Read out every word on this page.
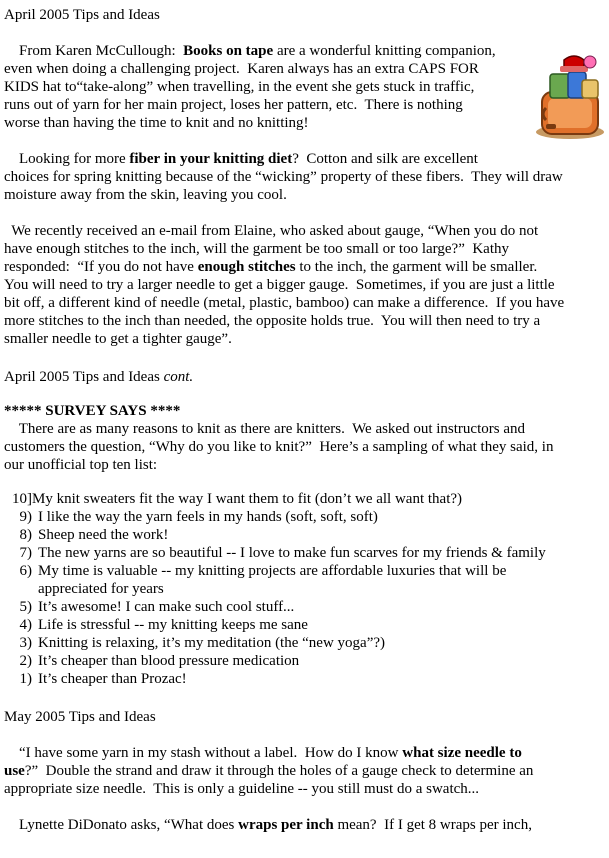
April 2005 Tips and Ideas

From Karen McCullough:  Books on tape are a wonderful knitting companion,
even when doing a challenging project.  Karen always has an extra CAPS FOR
KIDS hat to“take-along” when travelling, in the event she gets stuck in traffic,
runs out of yarn for her main project, loses her pattern, etc.  There is nothing
worse than having the time to knit and no knitting!
Looking for more fiber in your knitting diet?  Cotton and silk are excellent
choices for spring knitting because of the “wicking” property of these fibers.  They will draw
moisture away from the skin, leaving you cool.
We recently received an e-mail from Elaine, who asked about gauge, “When you do not
have enough stitches to the inch, will the garment be too small or too large?”  Kathy
responded:  “If you do not have enough stitches to the inch, the garment will be smaller.
You will need to try a larger needle to get a bigger gauge.  Sometimes, if you are just a little
bit off, a different kind of needle (metal, plastic, bamboo) can make a difference.  If you have
more stitches to the inch than needed, the opposite holds true.  You will then need to try a
smaller needle to get a tighter gauge”.

April 2005 Tips and Ideas cont.

***** SURVEY SAYS ****

There are as many reasons to knit as there are knitters.  We asked out instructors and
customers the question, “Why do you like to knit?”  Here’s a sampling of what they said, in
our unofficial top ten list:
10] My knit sweaters fit the way I want them to fit (don’t we all want that?)
9) I like the way the yarn feels in my hands (soft, soft, soft)
8) Sheep need the work!
7) The new yarns are so beautiful -- I love to make fun scarves for my friends & family
6) My time is valuable -- my knitting projects are affordable luxuries that will be
appreciated for years
5) It’s awesome! I can make such cool stuff...
4) Life is stressful -- my knitting keeps me sane
3) Knitting is relaxing, it’s my meditation (the “new yoga”?)
2) It’s cheaper than blood pressure medication
1) It’s cheaper than Prozac!

May 2005 Tips and Ideas

“I have some yarn in my stash without a label.  How do I know what size needle to
use?”  Double the strand and draw it through the holes of a gauge check to determine an
appropriate size needle.  This is only a guideline -- you still must do a swatch...
Lynette DiDonato asks, “What does wraps per inch mean?  If I get 8 wraps per inch,
